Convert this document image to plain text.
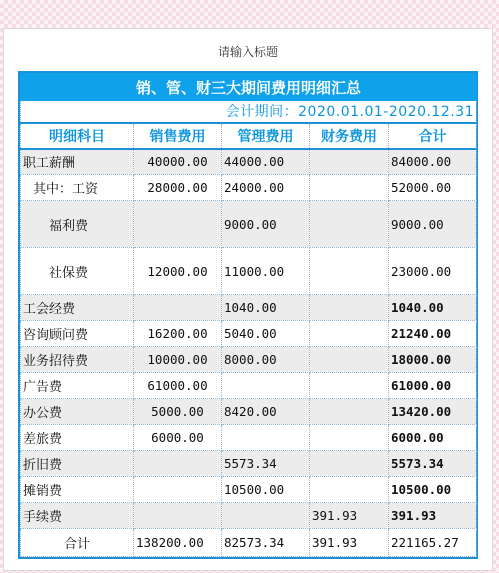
请输入标题
销、管、财三大期间费用明细汇总				
会计期间：2020.01.01-2020.12.31				
明细科目	销售费用	管理费用	财务费用	合计
职工薪酬	40000.00	44000.00		84000.00
其中：工资	28000.00	24000.00		52000.00
福利费		9000.00		9000.00
社保费	12000.00	11000.00		23000.00
工会经费		1040.00		1040.00
咨询顾问费	16200.00	5040.00		21240.00
业务招待费	10000.00	8000.00		18000.00
广告费	61000.00			61000.00
办公费	5000.00	8420.00		13420.00
差旅费	6000.00			6000.00
折旧费		5573.34		5573.34
摊销费		10500.00		10500.00
手续费			391.93	391.93
合计	138200.00	82573.34	391.93	221165.27
